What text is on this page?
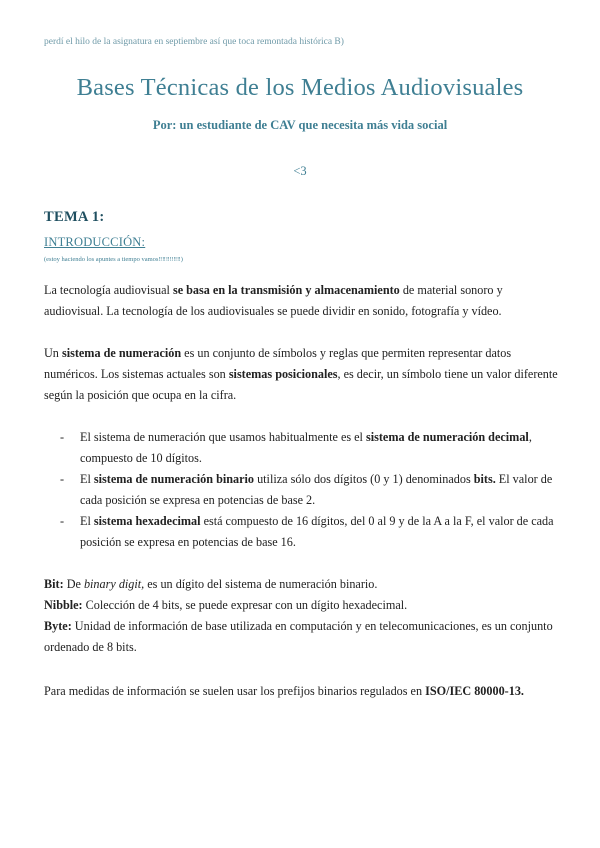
perdí el hilo de la asignatura en septiembre así que toca remontada histórica B)
Bases Técnicas de los Medios Audiovisuales
Por: un estudiante de CAV que necesita más vida social
<3
TEMA 1:
INTRODUCCIÓN:
(estoy haciendo los apuntes a tiempo vamos‼‼‼‼‼‼)

La tecnología audiovisual se basa en la transmisión y almacenamiento de material sonoro y audiovisual. La tecnología de los audiovisuales se puede dividir en sonido, fotografía y vídeo.

Un sistema de numeración es un conjunto de símbolos y reglas que permiten representar datos numéricos. Los sistemas actuales son sistemas posicionales, es decir, un símbolo tiene un valor diferente según la posición que ocupa en la cifra.

- El sistema de numeración que usamos habitualmente es el sistema de numeración decimal, compuesto de 10 dígitos.
- El sistema de numeración binario utiliza sólo dos dígitos (0 y 1) denominados bits. El valor de cada posición se expresa en potencias de base 2.
- El sistema hexadecimal está compuesto de 16 dígitos, del 0 al 9 y de la A a la F, el valor de cada posición se expresa en potencias de base 16.
Bit: De binary digit, es un dígito del sistema de numeración binario.
Nibble: Colección de 4 bits, se puede expresar con un dígito hexadecimal.
Byte: Unidad de información de base utilizada en computación y en telecomunicaciones, es un conjunto ordenado de 8 bits.

Para medidas de información se suelen usar los prefijos binarios regulados en ISO/IEC 80000-13.
